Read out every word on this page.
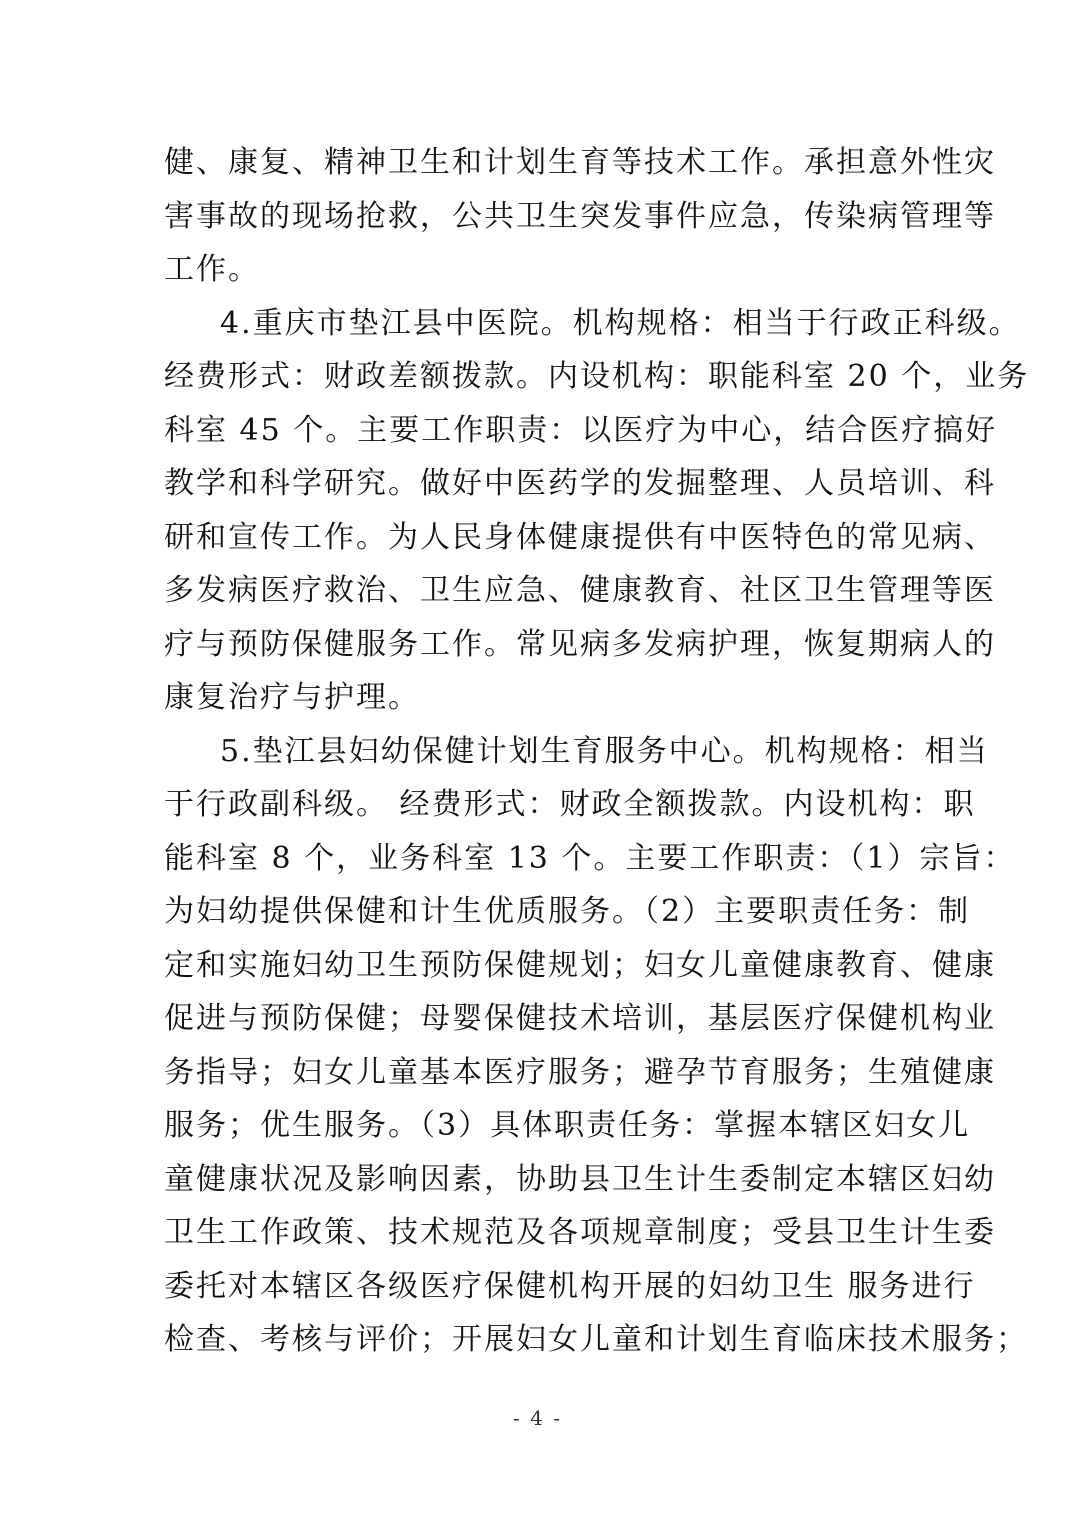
健、康复、精神卫生和计划生育等技术工作。承担意外性灾
害事故的现场抢救，公共卫生突发事件应急，传染病管理等
工作。
4.重庆市垫江县中医院。机构规格：相当于行政正科级。
经费形式：财政差额拨款。内设机构：职能科室 20 个，业务
科室 45 个。主要工作职责：以医疗为中心，结合医疗搞好
教学和科学研究。做好中医药学的发掘整理、人员培训、科
研和宣传工作。为人民身体健康提供有中医特色的常见病、
多发病医疗救治、卫生应急、健康教育、社区卫生管理等医
疗与预防保健服务工作。常见病多发病护理，恢复期病人的
康复治疗与护理。
5.垫江县妇幼保健计划生育服务中心。机构规格：相当
于行政副科级。 经费形式：财政全额拨款。内设机构：职
能科室 8 个，业务科室 13 个。主要工作职责：（1）宗旨：
为妇幼提供保健和计生优质服务。（2）主要职责任务：制
定和实施妇幼卫生预防保健规划；妇女儿童健康教育、健康
促进与预防保健；母婴保健技术培训，基层医疗保健机构业
务指导；妇女儿童基本医疗服务；避孕节育服务；生殖健康
服务；优生服务。（3）具体职责任务：掌握本辖区妇女儿
童健康状况及影响因素，协助县卫生计生委制定本辖区妇幼
卫生工作政策、技术规范及各项规章制度；受县卫生计生委
委托对本辖区各级医疗保健机构开展的妇幼卫生 服务进行
检查、考核与评价；开展妇女儿童和计划生育临床技术服务；
- 4 -
